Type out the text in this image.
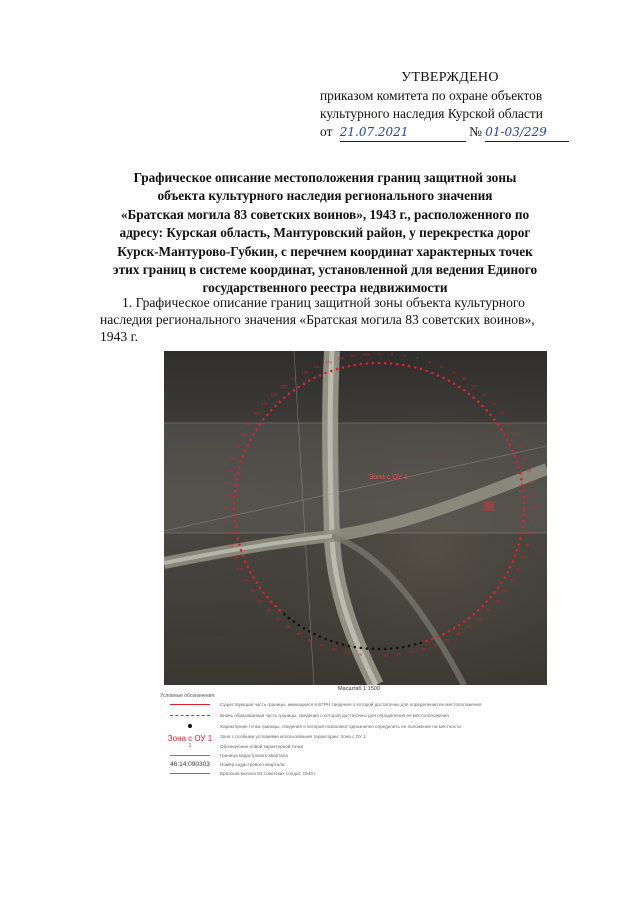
УТВЕРЖДЕНО
приказом комитета по охране объектов
культурного наследия Курской области
от 21.07.2021	№ 01-03/229
Графическое описание местоположения границ защитной зоны
объекта культурного наследия регионального значения
«Братская могила 83 советских воинов», 1943 г., расположенного по
адресу: Курская область, Мантуровский район, у перекрестка дорог
Курск-Мантурово-Губкин, с перечнем координат характерных точек
этих границ в системе координат, установленной для ведения Единого
государственного реестра недвижимости
1. Графическое описание границ защитной зоны объекта культурного
наследия регионального значения «Братская могила 83 советских воинов»,
1943 г.
1	3	5
7
9
11
13
15
17
19
21
23
25
27
29
31
33
35
37
39
41
43
45
47
49
51
53
55
57
59
61
63
65
67
69
71
73
75
77
79
81
83
85
87
89
91
93
95
97
99
101
103
105
107
109
111
113
115
117
119
121
123
125
127
129
131
133
135
137
139
141
143
145
147 149
Зона с ОУ 1
46:14:090303
Масштаб 1:1500
Условные обозначения:
Существующая часть границы, имеющиеся в ЕГРН сведения о которой достаточны для определения ее местоположения
Вновь образованная часть границы, сведения о которой достаточны для определения ее местоположения
Характерная точка границы, сведения о которой позволяют однозначно определить ее положение на местности
Зона с ОУ 1
1
Зона с особыми условиями использования территории: Зона с ОУ 1
Обозначение новой характерной точки
Граница кадастрового квартала
46:14:090303	Номер кадастрового квартала
Братская могила 83 советских солдат, 1943 г.
